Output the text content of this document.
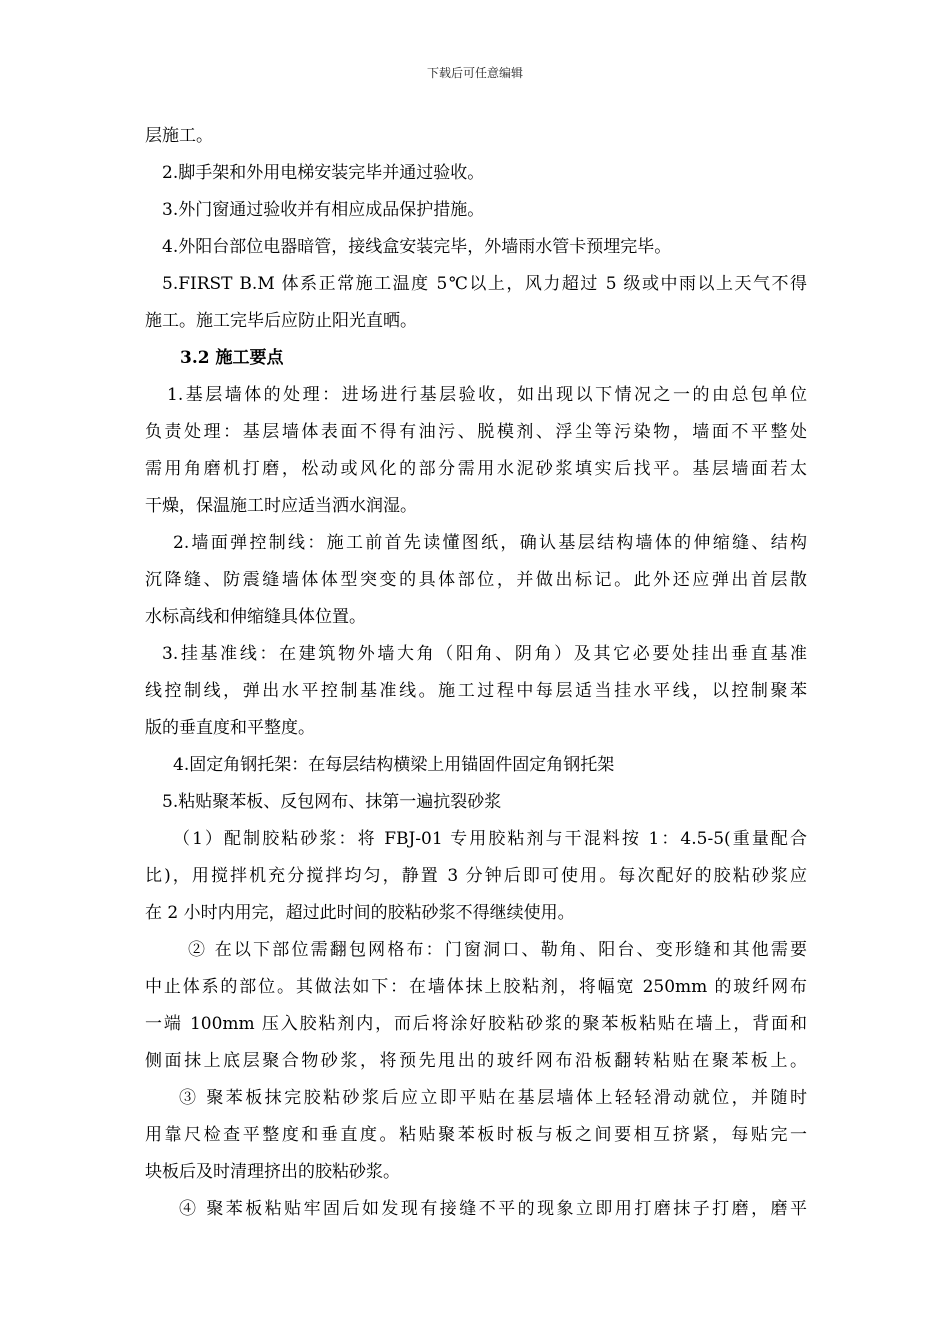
下载后可任意编辑
层施工。
2.脚手架和外用电梯安装完毕并通过验收。
3.外门窗通过验收并有相应成品保护措施。
4.外阳台部位电器暗管，接线盒安装完毕，外墙雨水管卡预埋完毕。
5.FIRST B.M 体系正常施工温度 5℃以上，风力超过 5 级或中雨以上天气不得
施工。施工完毕后应防止阳光直晒。
3.2 施工要点
1.基层墙体的处理：进场进行基层验收，如出现以下情况之一的由总包单位
负责处理：基层墙体表面不得有油污、脱模剂、浮尘等污染物，墙面不平整处
需用角磨机打磨，松动或风化的部分需用水泥砂浆填实后找平。基层墙面若太
干燥，保温施工时应适当洒水润湿。
2.墙面弹控制线：施工前首先读懂图纸，确认基层结构墙体的伸缩缝、结构
沉降缝、防震缝墙体体型突变的具体部位，并做出标记。此外还应弹出首层散
水标高线和伸缩缝具体位置。
3.挂基准线：在建筑物外墙大角（阳角、阴角）及其它必要处挂出垂直基准
线控制线，弹出水平控制基准线。施工过程中每层适当挂水平线，以控制聚苯
版的垂直度和平整度。
4.固定角钢托架：在每层结构横梁上用锚固件固定角钢托架
5.粘贴聚苯板、反包网布、抹第一遍抗裂砂浆
（1）配制胶粘砂浆：将 FBJ-01 专用胶粘剂与干混料按 1：4.5-5(重量配合
比)，用搅拌机充分搅拌均匀，静置 3 分钟后即可使用。每次配好的胶粘砂浆应
在 2 小时内用完，超过此时间的胶粘砂浆不得继续使用。
② 在以下部位需翻包网格布：门窗洞口、勒角、阳台、变形缝和其他需要
中止体系的部位。其做法如下：在墙体抹上胶粘剂，将幅宽 250mm 的玻纤网布
一端 100mm 压入胶粘剂内，而后将涂好胶粘砂浆的聚苯板粘贴在墙上，背面和
侧面抹上底层聚合物砂浆，将预先甩出的玻纤网布沿板翻转粘贴在聚苯板上。
③ 聚苯板抹完胶粘砂浆后应立即平贴在基层墙体上轻轻滑动就位，并随时
用靠尺检查平整度和垂直度。粘贴聚苯板时板与板之间要相互挤紧，每贴完一
块板后及时清理挤出的胶粘砂浆。
④ 聚苯板粘贴牢固后如发现有接缝不平的现象立即用打磨抹子打磨，磨平
